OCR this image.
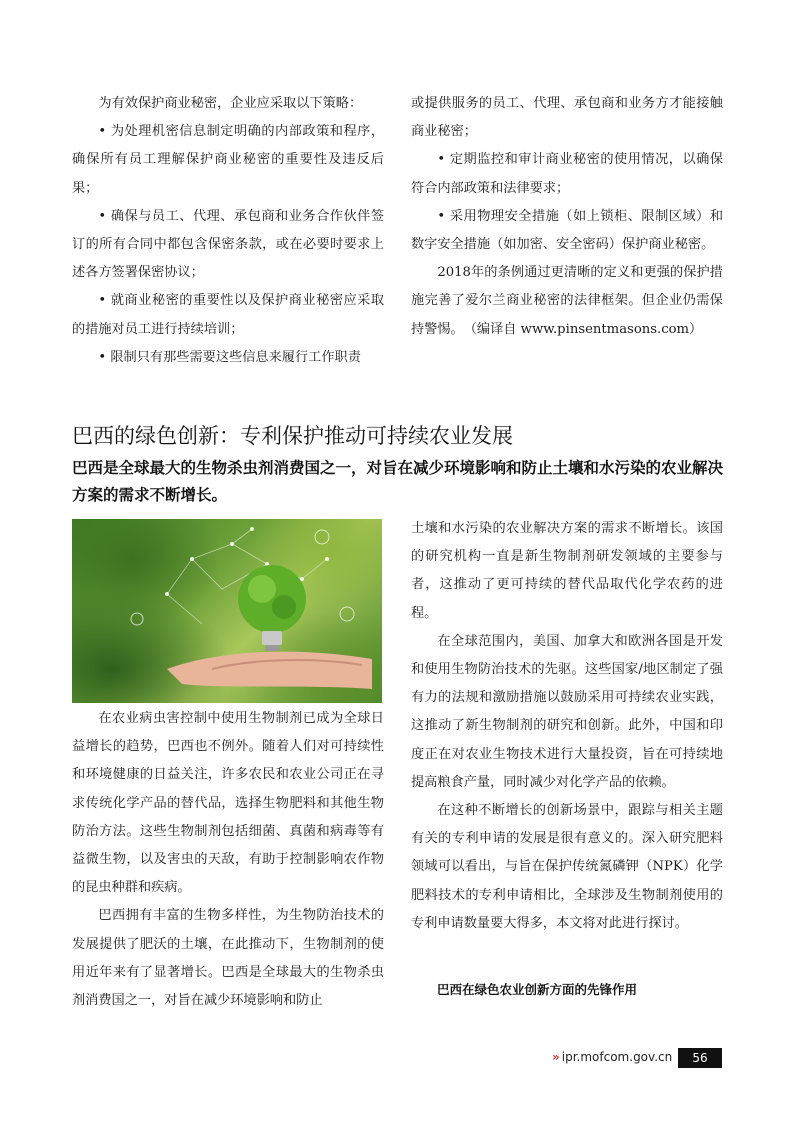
为有效保护商业秘密，企业应采取以下策略：

• 为处理机密信息制定明确的内部政策和程序，确保所有员工理解保护商业秘密的重要性及违反后果；

• 确保与员工、代理、承包商和业务合作伙伴签订的所有合同中都包含保密条款，或在必要时要求上述各方签署保密协议；

• 就商业秘密的重要性以及保护商业秘密应采取的措施对员工进行持续培训；

• 限制只有那些需要这些信息来履行工作职责

或提供服务的员工、代理、承包商和业务方才能接触商业秘密；

• 定期监控和审计商业秘密的使用情况，以确保符合内部政策和法律要求；

• 采用物理安全措施（如上锁柜、限制区域）和数字安全措施（如加密、安全密码）保护商业秘密。

2018年的条例通过更清晰的定义和更强的保护措施完善了爱尔兰商业秘密的法律框架。但企业仍需保持警惕。　（编译自 www.pinsentmasons.com）

巴西的绿色创新：专利保护推动可持续农业发展

巴西是全球最大的生物杀虫剂消费国之一，对旨在减少环境影响和防止土壤和水污染的农业解决方案的需求不断增长。

在农业病虫害控制中使用生物制剂已成为全球日益增长的趋势，巴西也不例外。随着人们对可持续性和环境健康的日益关注，许多农民和农业公司正在寻求传统化学产品的替代品，选择生物肥料和其他生物防治方法。这些生物制剂包括细菌、真菌和病毒等有益微生物，以及害虫的天敌，有助于控制影响农作物的昆虫种群和疾病。

巴西拥有丰富的生物多样性，为生物防治技术的发展提供了肥沃的土壤，在此推动下，生物制剂的使用近年来有了显著增长。巴西是全球最大的生物杀虫剂消费国之一，对旨在减少环境影响和防止

土壤和水污染的农业解决方案的需求不断增长。该国的研究机构一直是新生物制剂研发领域的主要参与者，这推动了更可持续的替代品取代化学农药的进程。

在全球范围内，美国、加拿大和欧洲各国是开发和使用生物防治技术的先驱。这些国家/地区制定了强有力的法规和激励措施以鼓励采用可持续农业实践，这推动了新生物制剂的研究和创新。此外，中国和印度正在对农业生物技术进行大量投资，旨在可持续地提高粮食产量，同时减少对化学产品的依赖。

在这种不断增长的创新场景中，跟踪与相关主题有关的专利申请的发展是很有意义的。深入研究肥料领域可以看出，与旨在保护传统氮磷钾（NPK）化学肥料技术的专利申请相比，全球涉及生物制剂使用的专利申请数量要大得多，本文将对此进行探讨。

巴西在绿色农业创新方面的先锋作用

» ipr.mofcom.gov.cn	56
